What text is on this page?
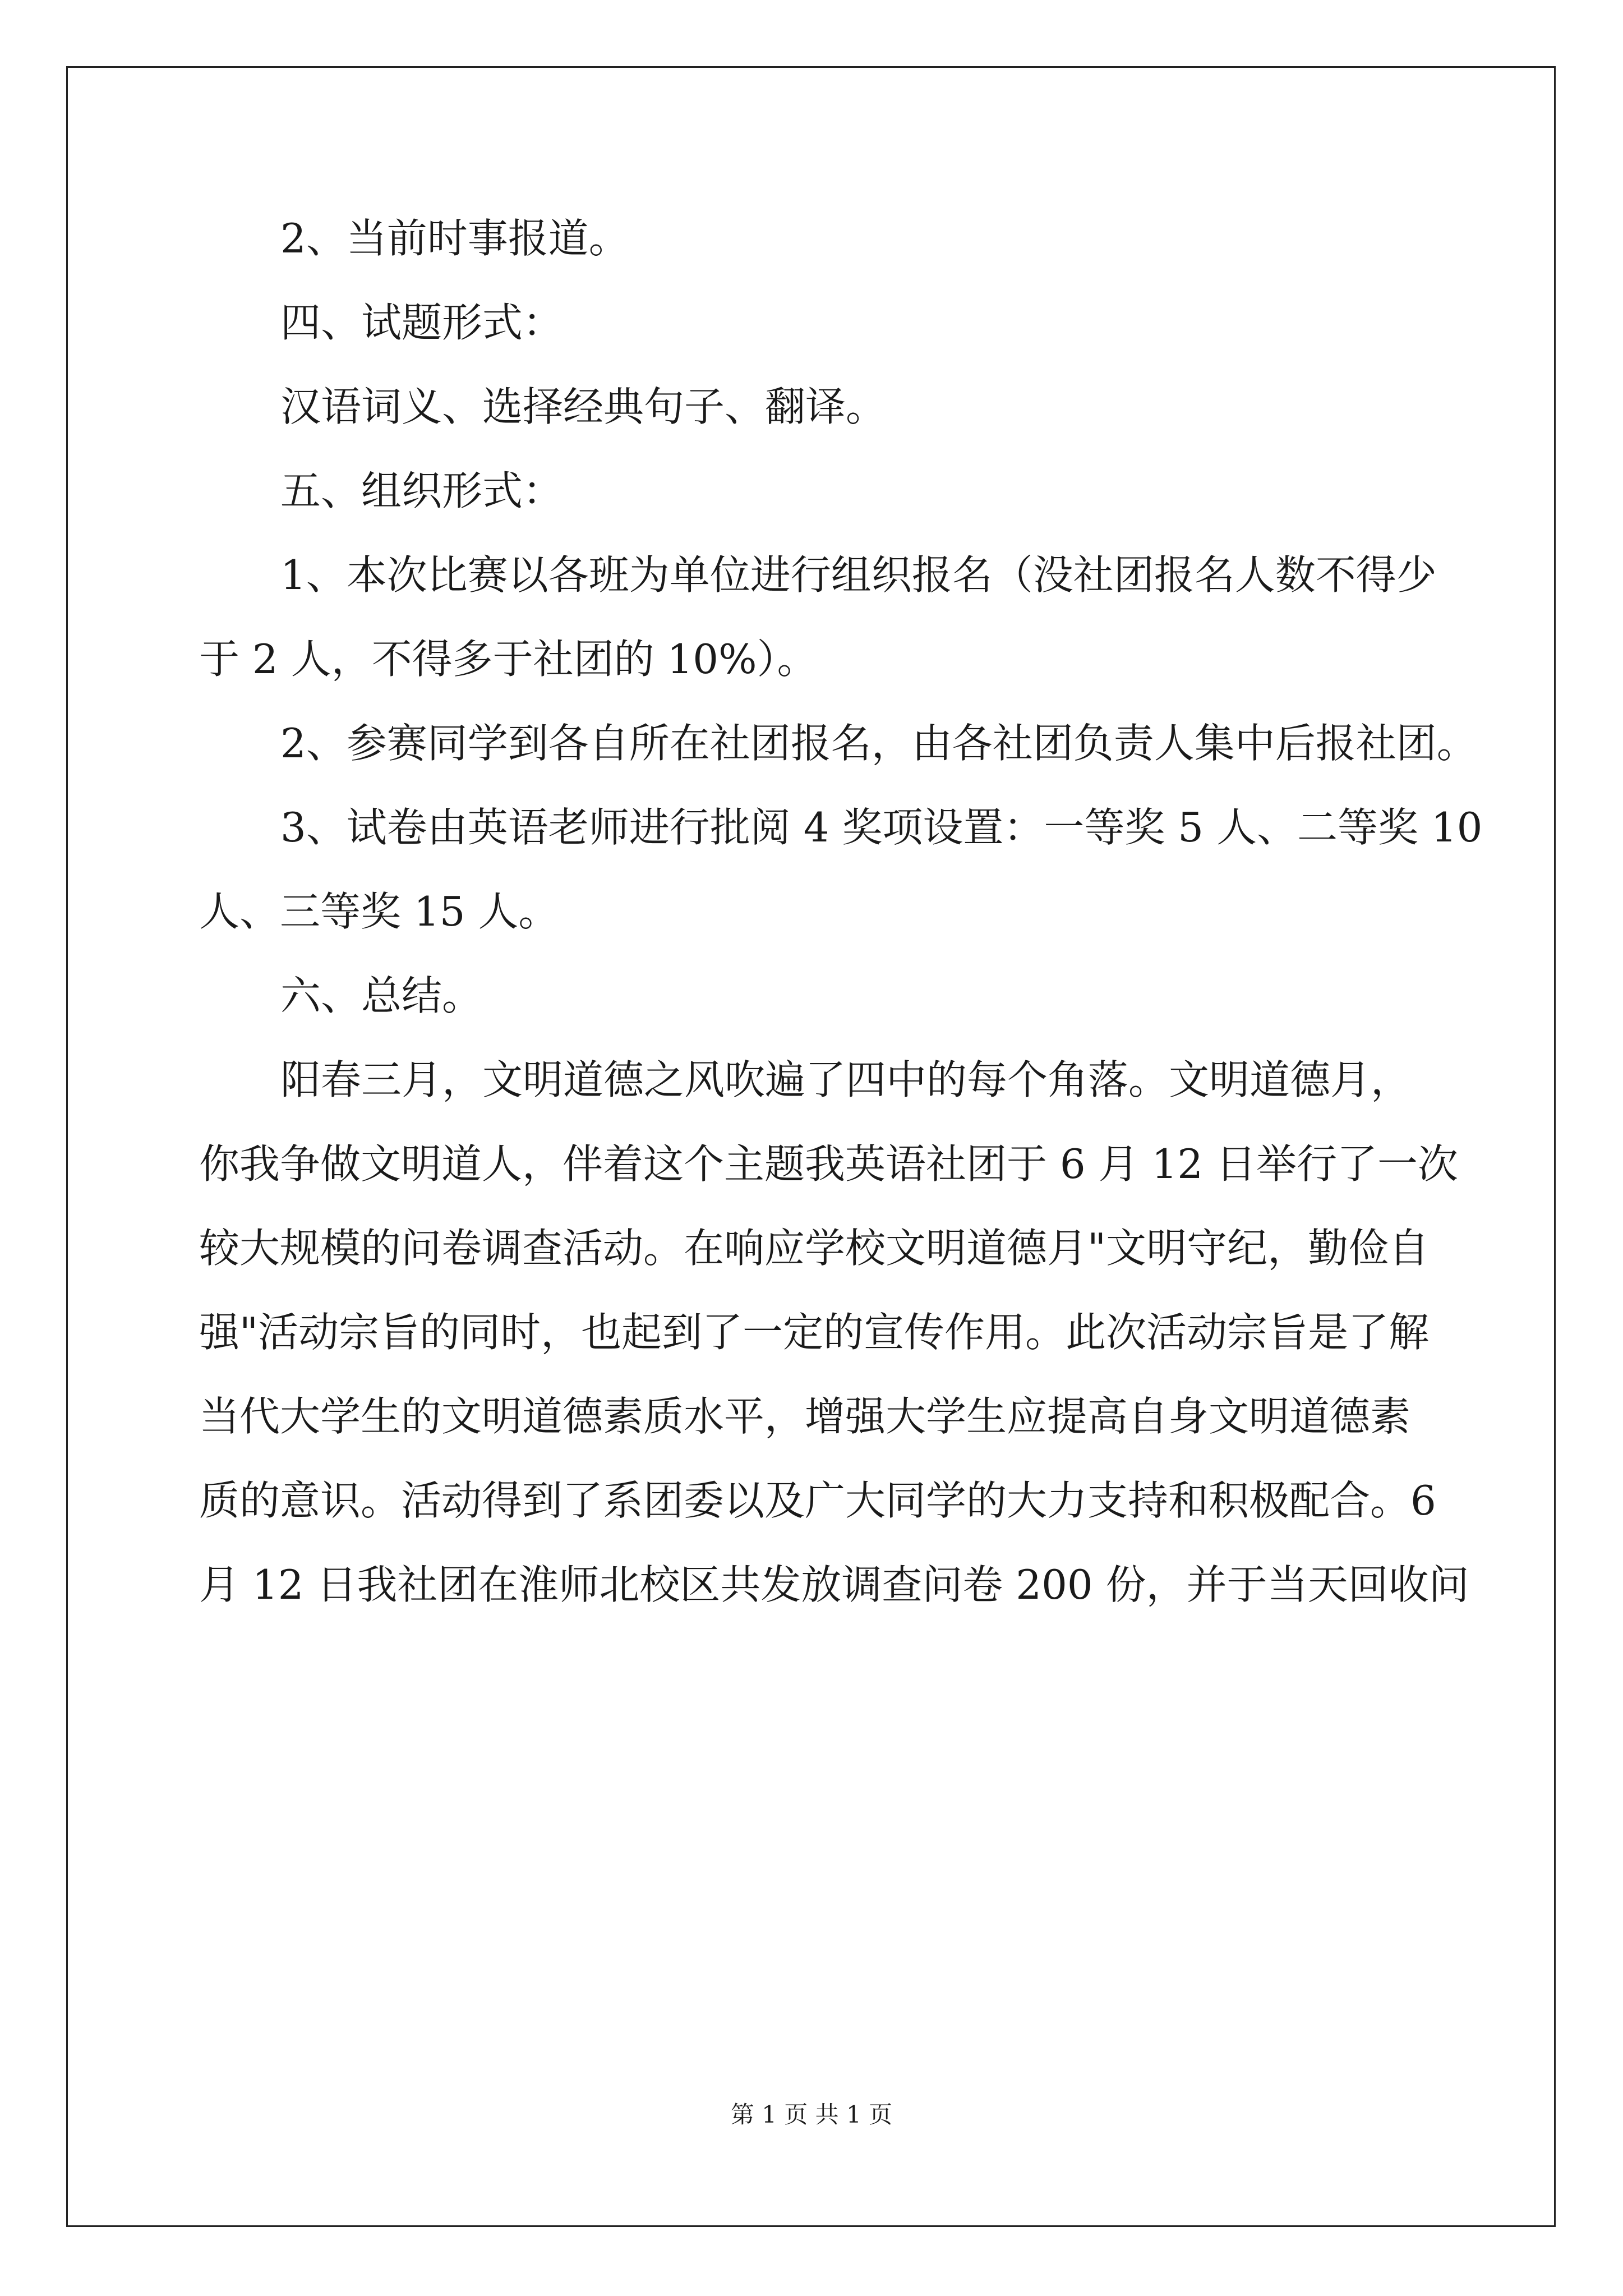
2、当前时事报道。
四、试题形式：
汉语词义、选择经典句子、翻译。
五、组织形式：
1、本次比赛以各班为单位进行组织报名（没社团报名人数不得少
于 2 人，不得多于社团的 10%）。
2、参赛同学到各自所在社团报名，由各社团负责人集中后报社团。
3、试卷由英语老师进行批阅 4 奖项设置：一等奖 5 人、二等奖 10
人、三等奖 15 人。
六、总结。
阳春三月，文明道德之风吹遍了四中的每个角落。文明道德月，
你我争做文明道人，伴着这个主题我英语社团于 6 月 12 日举行了一次
较大规模的问卷调查活动。在响应学校文明道德月"文明守纪，勤俭自
强"活动宗旨的同时，也起到了一定的宣传作用。此次活动宗旨是了解
当代大学生的文明道德素质水平，增强大学生应提高自身文明道德素
质的意识。活动得到了系团委以及广大同学的大力支持和积极配合。6
月 12 日我社团在淮师北校区共发放调查问卷 200 份，并于当天回收问
第 1 页 共 1 页
